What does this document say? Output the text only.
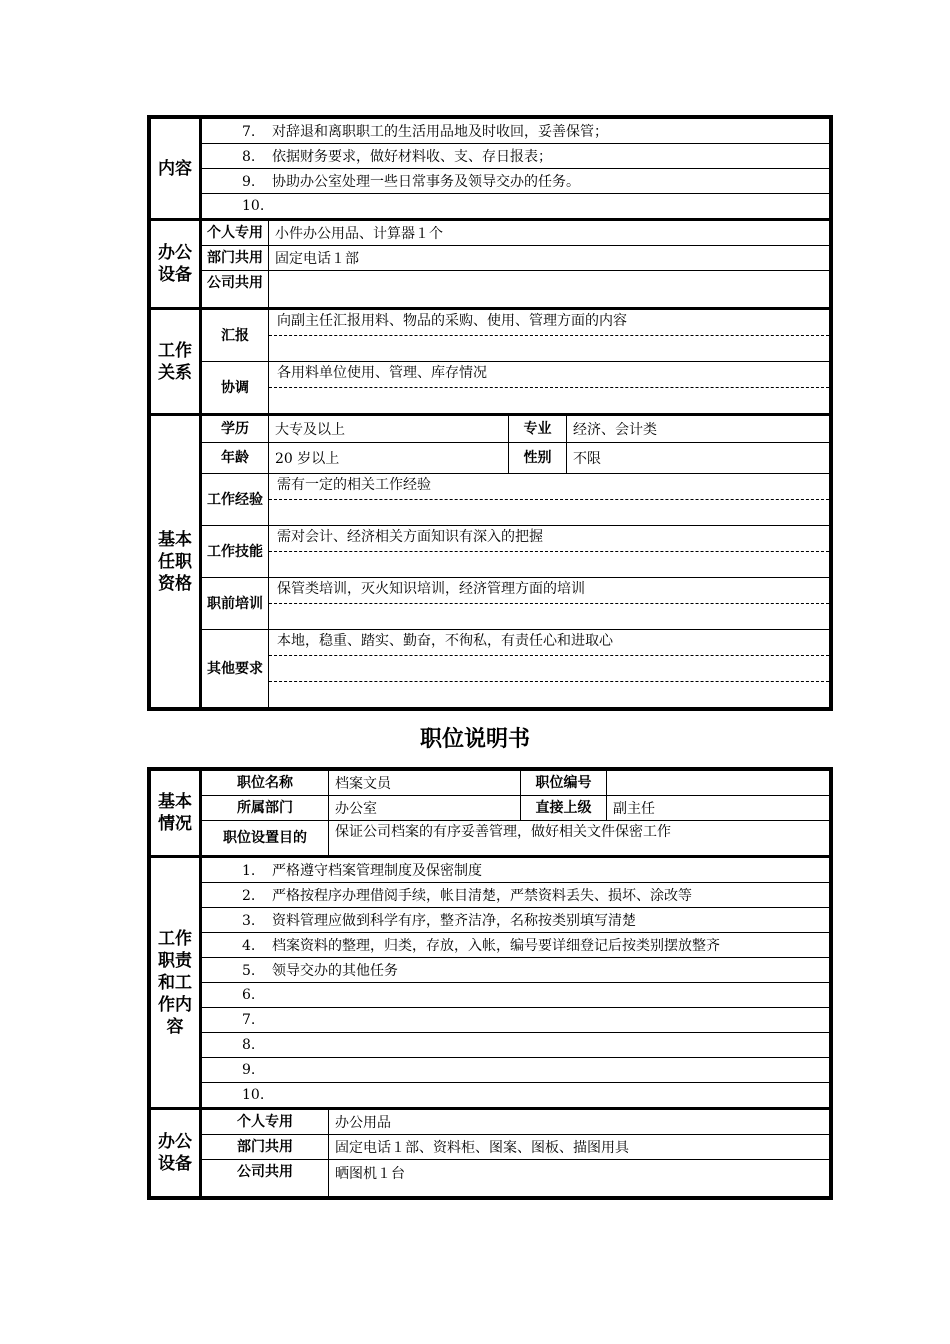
内容	7. 对辞退和离职职工的生活用品地及时收回，妥善保管；			
	8. 依据财务要求，做好材料收、支、存日报表；			
	9. 协助办公室处理一些日常事务及领导交办的任务。			
	10.			
办公设备	个人专用	小件办公用品、计算器１个		
	部门共用	固定电话１部		
	公司共用			
工作关系	汇报	向副主任汇报用料、物品的采购、使用、管理方面的内容		

	协调	各用料单位使用、管理、库存情况		

基本任职资格	学历	大专及以上	专业	经济、会计类
	年龄	20 岁以上	性别	不限
	工作经验	需有一定的相关工作经验		

	工作技能	需对会计、经济相关方面知识有深入的把握		

	职前培训	保管类培训，灭火知识培训，经济管理方面的培训		

	其他要求	本地，稳重、踏实、勤奋，不徇私，有责任心和进取心		
职位说明书
基本情况	职位名称	档案文员	职位编号	
	所属部门	办公室	直接上级	副主任
	职位设置目的	保证公司档案的有序妥善管理，做好相关文件保密工作		
工作职责和工作内容	1. 严格遵守档案管理制度及保密制度			
	2. 严格按程序办理借阅手续，帐目清楚，严禁资料丢失、损坏、涂改等			
	3. 资料管理应做到科学有序，整齐洁净，名称按类别填写清楚			
	4. 档案资料的整理，归类，存放，入帐，编号要详细登记后按类别摆放整齐			
	5. 领导交办的其他任务			
	6.			
	7.			
	8.			
	9.			
	10.			
办公设备	个人专用	办公用品		
	部门共用	固定电话１部、资料柜、图案、图板、描图用具		
	公司共用	晒图机１台		
